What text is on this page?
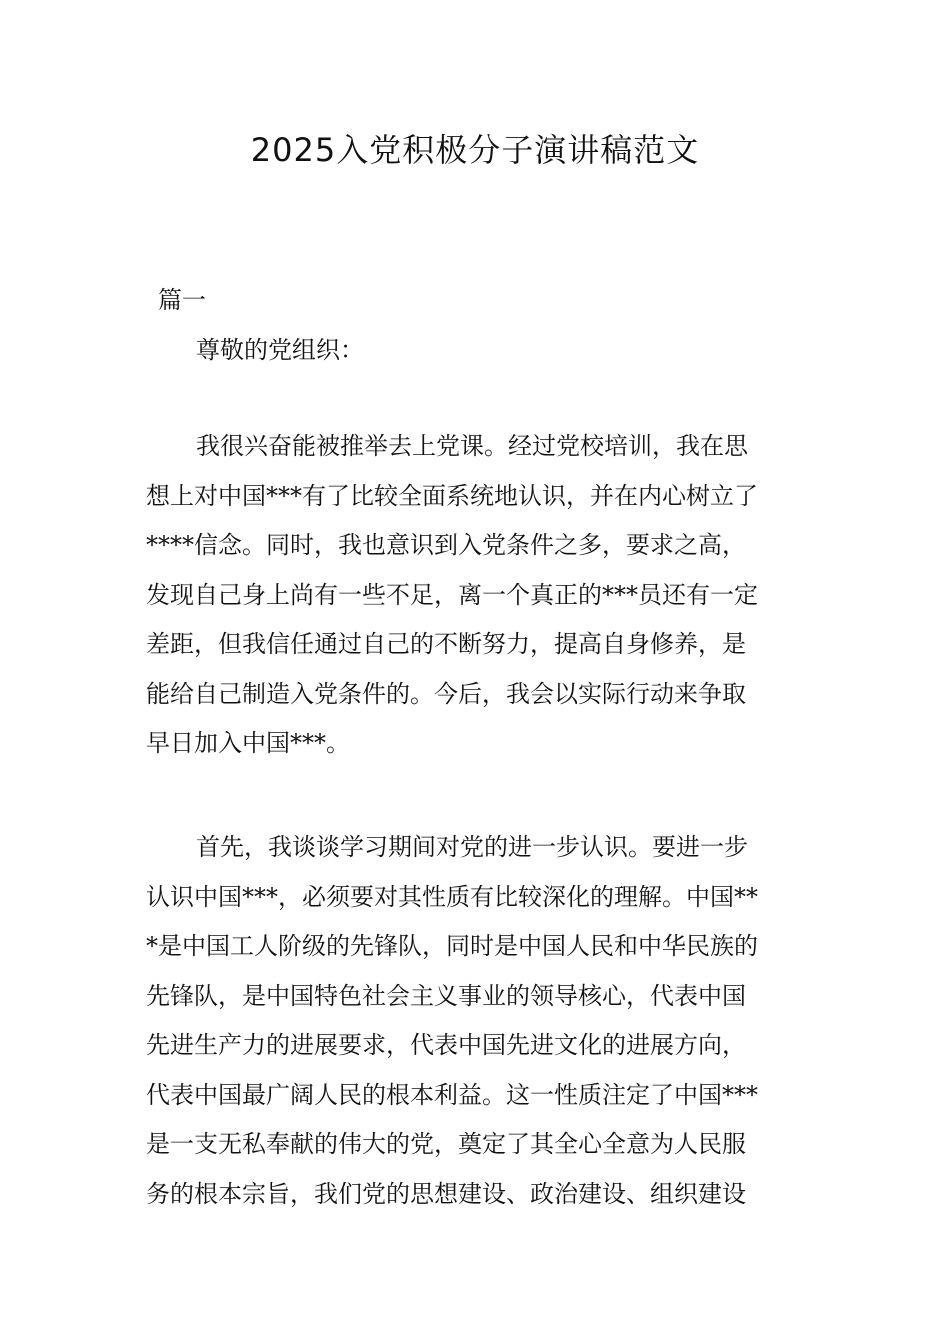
2025入党积极分子演讲稿范文
篇一
尊敬的党组织：
我很兴奋能被推举去上党课。经过党校培训，我在思
想上对中国***有了比较全面系统地认识，并在内心树立了
****信念。同时，我也意识到入党条件之多，要求之高，
发现自己身上尚有一些不足，离一个真正的***员还有一定
差距，但我信任通过自己的不断努力，提高自身修养，是
能给自己制造入党条件的。今后，我会以实际行动来争取
早日加入中国***。
首先，我谈谈学习期间对党的进一步认识。要进一步
认识中国***，必须要对其性质有比较深化的理解。中国**
*是中国工人阶级的先锋队，同时是中国人民和中华民族的
先锋队，是中国特色社会主义事业的领导核心，代表中国
先进生产力的进展要求，代表中国先进文化的进展方向，
代表中国最广阔人民的根本利益。这一性质注定了中国***
是一支无私奉献的伟大的党，奠定了其全心全意为人民服
务的根本宗旨，我们党的思想建设、政治建设、组织建设
